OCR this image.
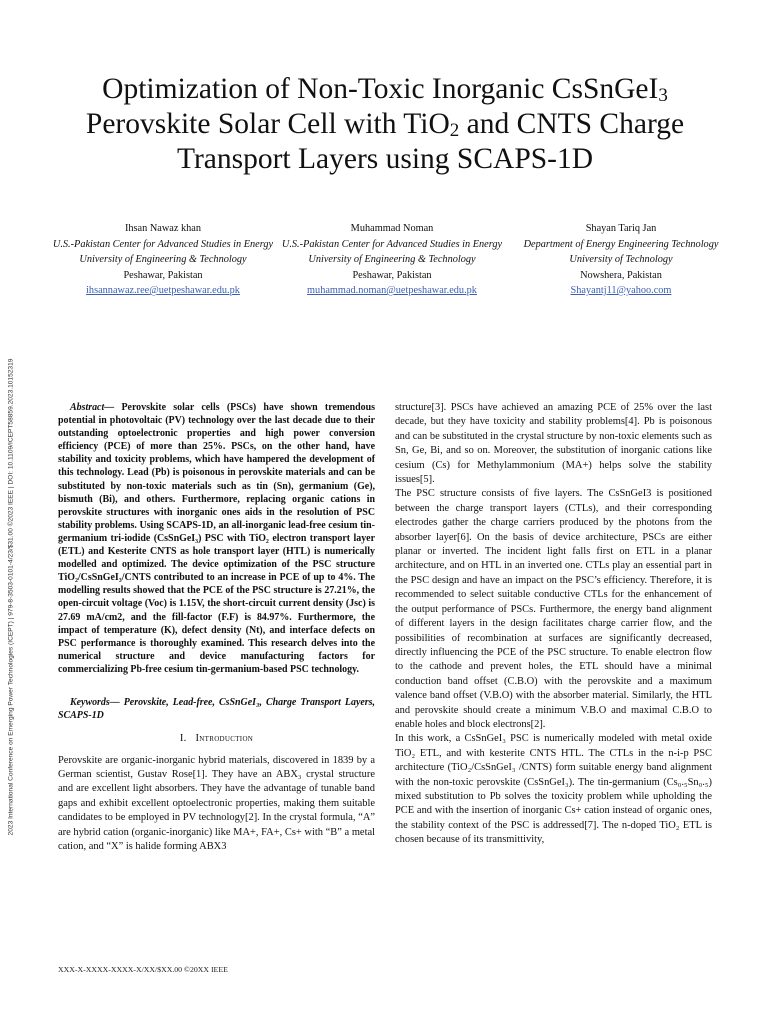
2023 International Conference on Emerging Power Technologies (ICEPT) | 979-8-3503-0101-4/23/$31.00 ©2023 IEEE | DOI: 10.1109/ICEPT58859.2023.10152319
Optimization of Non-Toxic Inorganic CsSnGeI$_3$
Perovskite Solar Cell with TiO$_2$ and CNTS Charge
Transport Layers using SCAPS-1D
Ihsan Nawaz khan
U.S.-Pakistan Center for Advanced Studies in Energy
University of Engineering & Technology
Peshawar, Pakistan
ihsannawaz.ree@uetpeshawar.edu.pk
Muhammad Noman
U.S.-Pakistan Center for Advanced Studies in Energy
University of Engineering & Technology
Peshawar, Pakistan
muhammad.noman@uetpeshawar.edu.pk
Shayan Tariq Jan
Department of Energy Engineering Technology
University of Technology
Nowshera, Pakistan
Shayantj11@yahoo.com

Abstract— Perovskite solar cells (PSCs) have shown tremendous potential in photovoltaic (PV) technology over the last decade due to their outstanding optoelectronic properties and high power conversion efficiency (PCE) of more than 25%. PSCs, on the other hand, have stability and toxicity problems, which have hampered the development of this technology. Lead (Pb) is poisonous in perovskite materials and can be substituted by non-toxic materials such as tin (Sn), germanium (Ge), bismuth (Bi), and others. Furthermore, replacing organic cations in perovskite structures with inorganic ones aids in the resolution of PSC stability problems. Using SCAPS-1D, an all-inorganic lead-free cesium tin-germanium tri-iodide (CsSnGeI₃) PSC with TiO₂ electron transport layer (ETL) and Kesterite CNTS as hole transport layer (HTL) is numerically modelled and optimized. The device optimization of the PSC structure TiO₂/CsSnGeI₃/CNTS contributed to an increase in PCE of up to 4%. The modelling results showed that the PCE of the PSC structure is 27.21%, the open-circuit voltage (Voc) is 1.15V, the short-circuit current density (Jsc) is 27.69 mA/cm2, and the fill-factor (F.F) is 84.97%. Furthermore, the impact of temperature (K), defect density (Nt), and interface defects on PSC performance is thoroughly examined. This research delves into the numerical structure and device manufacturing factors for commercializing Pb-free cesium tin-germanium-based PSC technology.

Keywords— Perovskite, Lead-free, CsSnGeI₃, Charge Transport Layers, SCAPS-1D

I. Introduction

Perovskite are organic-inorganic hybrid materials, discovered in 1839 by a German scientist, Gustav Rose[1]. They have an ABX₃ crystal structure and are excellent light absorbers. They have the advantage of tunable band gaps and exhibit excellent optoelectronic properties, making them suitable candidates to be employed in PV technology[2]. In the crystal formula, “A” are hybrid cation (organic-inorganic) like MA+, FA+, Cs+ with “B” a metal cation, and “X” is halide forming ABX3

structure[3]. PSCs have achieved an amazing PCE of 25% over the last decade, but they have toxicity and stability problems[4]. Pb is poisonous and can be substituted in the crystal structure by non-toxic elements such as Sn, Ge, Bi, and so on. Moreover, the substitution of inorganic cations like cesium (Cs) for Methylammonium (MA+) helps solve the stability issues[5].

The PSC structure consists of five layers. The CsSnGeI3 is positioned between the charge transport layers (CTLs), and their corresponding electrodes gather the charge carriers produced by the photons from the absorber layer[6]. On the basis of device architecture, PSCs are either planar or inverted. The incident light falls first on ETL in a planar architecture, and on HTL in an inverted one. CTLs play an essential part in the PSC design and have an impact on the PSC’s efficiency. Therefore, it is recommended to select suitable conductive CTLs for the enhancement of the output performance of PSCs. Furthermore, the energy band alignment of different layers in the design facilitates charge carrier flow, and the possibilities of recombination at surfaces are significantly decreased, directly influencing the PCE of the PSC structure. To enable electron flow to the cathode and prevent holes, the ETL should have a minimal conduction band offset (C.B.O) with the perovskite and a maximum valence band offset (V.B.O) with the absorber material. Similarly, the HTL and perovskite should create a minimum V.B.O and maximal C.B.O to enable holes and block electrons[2].

In this work, a CsSnGeI₃ PSC is numerically modeled with metal oxide TiO₂ ETL, and with kesterite CNTS HTL. The CTLs in the n-i-p PSC architecture (TiO₂/CsSnGeI₃ /CNTS) form suitable energy band alignment with the non-toxic perovskite (CsSnGeI₃). The tin-germanium (Cs₀.₅Sn₀.₅) mixed substitution to Pb solves the toxicity problem while upholding the PCE and with the insertion of inorganic Cs+ cation instead of organic ones, the stability context of the PSC is addressed[7]. The n-doped TiO₂ ETL is chosen because of its transmittivity,

XXX-X-XXXX-XXXX-X/XX/$XX.00 ©20XX IEEE
